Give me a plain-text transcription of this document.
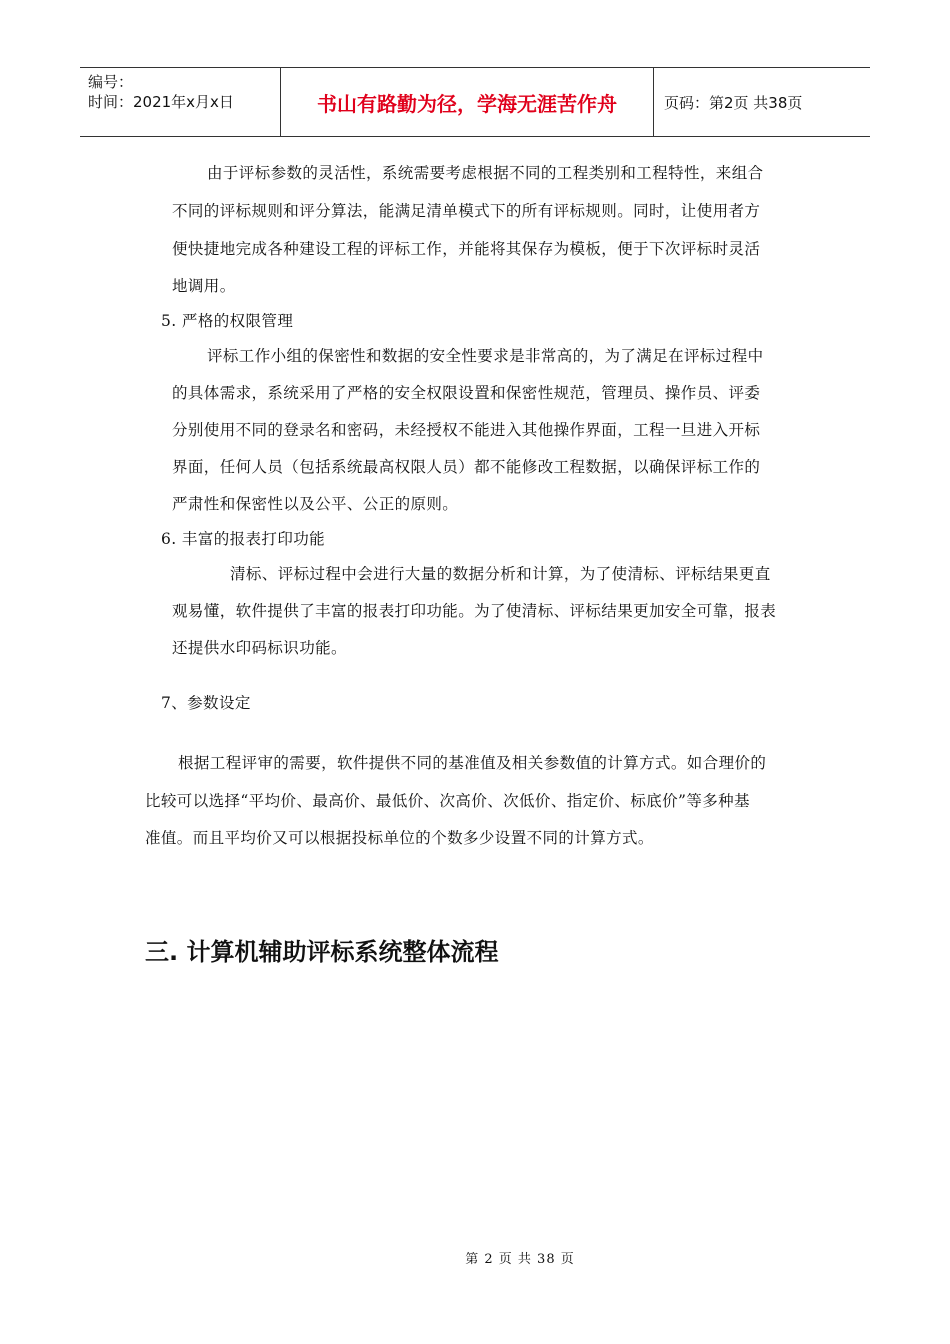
编号：
时间：2021年x月x日	书山有路勤为径，学海无涯苦作舟	页码：第2页 共38页
由于评标参数的灵活性，系统需要考虑根据不同的工程类别和工程特性，来组合
不同的评标规则和评分算法，能满足清单模式下的所有评标规则。同时，让使用者方
便快捷地完成各种建设工程的评标工作，并能将其保存为模板，便于下次评标时灵活
地调用。
5. 严格的权限管理
评标工作小组的保密性和数据的安全性要求是非常高的，为了满足在评标过程中
的具体需求，系统采用了严格的安全权限设置和保密性规范，管理员、操作员、评委
分别使用不同的登录名和密码，未经授权不能进入其他操作界面，工程一旦进入开标
界面，任何人员（包括系统最高权限人员）都不能修改工程数据，以确保评标工作的
严肃性和保密性以及公平、公正的原则。
6. 丰富的报表打印功能
清标、评标过程中会进行大量的数据分析和计算，为了使清标、评标结果更直
观易懂，软件提供了丰富的报表打印功能。为了使清标、评标结果更加安全可靠，报表
还提供水印码标识功能。
7、参数设定
根据工程评审的需要，软件提供不同的基准值及相关参数值的计算方式。如合理价的
比较可以选择“平均价、最高价、最低价、次高价、次低价、指定价、标底价”等多种基
准值。而且平均价又可以根据投标单位的个数多少设置不同的计算方式。
三. 计算机辅助评标系统整体流程
第 2 页 共 38 页
